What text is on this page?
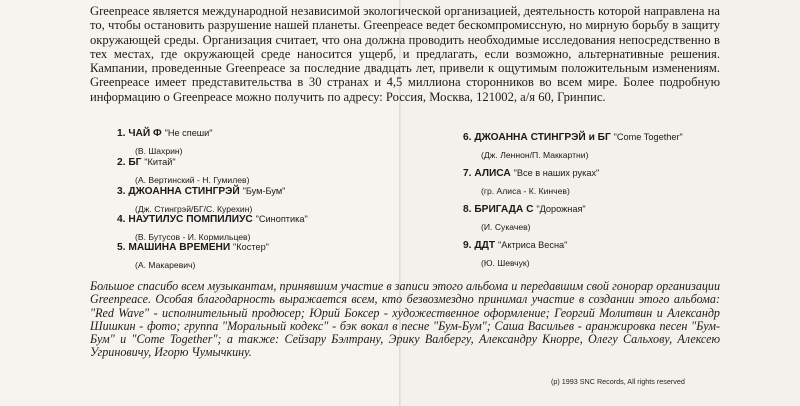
Greenpeace является международной независимой экологической организацией, деятельность которой направлена на то, чтобы остановить разрушение нашей планеты. Greenpeace ведет бескомпромиссную, но мирную борьбу в защиту окружающей среды. Организация считает, что она должна проводить необходимые исследования непосредственно в тех местах, где окружающей среде наносится ущерб, и предлагать, если возможно, альтернативные решения. Кампании, проведенные Greenpeace за последние двадцать лет, привели к ощутимым положительным изменениям. Greenpeace имеет представительства в 30 странах и 4,5 миллиона сторонников во всем мире. Более подробную информацию о Greenpeace можно получить по адресу: Россия, Москва, 121002, а/я 60, Гринпис.

1. ЧАЙ Ф "Не спеши"
(В. Шахрин)
2. БГ "Китай"
(А. Вертинский - Н. Гумилев)
3. ДЖОАННА СТИНГРЭЙ "Бум-Бум"
(Дж. Стингрэй/БГ/С. Курехин)
4. НАУТИЛУС ПОМПИЛИУС "Синоптика"
(В. Бутусов - И. Кормильцев)
5. МАШИНА ВРЕМЕНИ "Костер"
(А. Макаревич)
6. ДЖОАННА СТИНГРЭЙ и БГ "Come Together"
(Дж. Леннон/П. Маккартни)
7. АЛИСА "Все в наших руках"
(гр. Алиса - К. Кинчев)
8. БРИГАДА С "Дорожная"
(И. Сукачев)
9. ДДТ "Актриса Весна"
(Ю. Шевчук)

Большое спасибо всем музыкантам, принявшим участие в записи этого альбома и передавшим свой гонорар организации Greenpeace. Особая благодарность выражается всем, кто безвозмездно принимал участие в создании этого альбома: "Red Wave" - исполнительный продюсер; Юрий Боксер - художественное оформление; Георгий Молитвин и Александр Шишкин - фото; группа "Моральный кодекс" - бэк вокал в песне "Бум-Бум"; Саша Васильев - аранжировка песен "Бум-Бум" и "Come Together"; а также: Сейзару Бэлтрану, Эрику Валбергу, Александру Кнорре, Олегу Сальхову, Алексею Угриновичу, Игорю Чумычкину.

(p) 1993 SNC Records, All rights reserved
